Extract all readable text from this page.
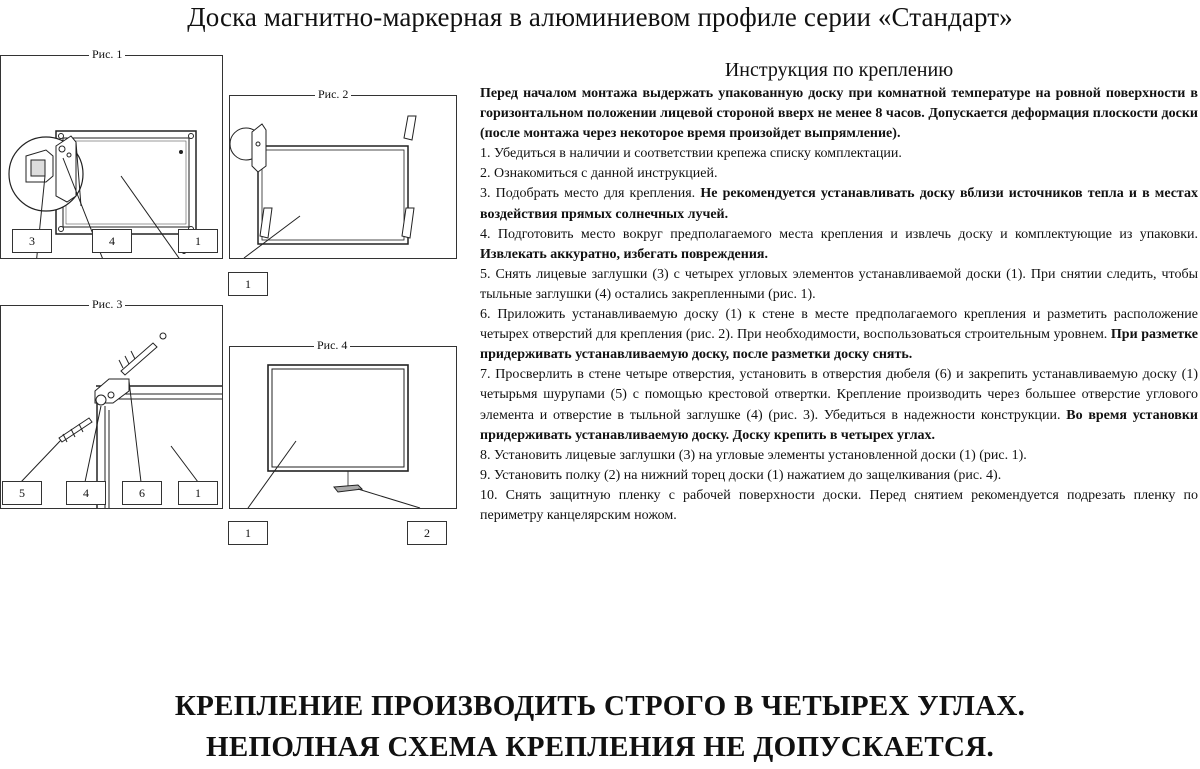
Доска магнитно-маркерная в алюминиевом профиле серии «Стандарт»
Рис. 1
3	4	1
Рис. 2
1
Рис. 3
5	4	6	1
Рис. 4
1	2
Инструкция по креплению

Перед началом монтажа выдержать упакованную доску при комнатной температуре на ровной поверхности в горизонтальном положении лицевой стороной вверх не менее 8 часов. Допускается деформация плоскости доски (после монтажа через некоторое время произойдет выпрямление).

1. Убедиться в наличии и соответствии крепежа списку комплектации.

2. Ознакомиться с данной инструкцией.

3. Подобрать место для крепления. Не рекомендуется устанавливать доску вблизи источников тепла и в местах воздействия прямых солнечных лучей.

4. Подготовить место вокруг предполагаемого места крепления и извлечь доску и комплектующие из упаковки. Извлекать аккуратно, избегать повреждения.

5. Снять лицевые заглушки (3) с четырех угловых элементов устанавливаемой доски (1). При снятии следить, чтобы тыльные заглушки (4) остались закрепленными (рис. 1).

6. Приложить устанавливаемую доску (1) к стене в месте предполагаемого крепления и разметить расположение четырех отверстий для крепления (рис. 2). При необходимости, воспользоваться строительным уровнем. При разметке придерживать устанавливаемую доску, после разметки доску снять.

7. Просверлить в стене четыре отверстия, установить в отверстия дюбеля (6) и закрепить устанавливаемую доску (1) четырьмя шурупами (5) с помощью крестовой отвертки. Крепление производить через большее отверстие углового элемента и отверстие в тыльной заглушке (4) (рис. 3). Убедиться в надежности конструкции. Во время установки придерживать устанавливаемую доску. Доску крепить в четырех углах.

8. Установить лицевые заглушки (3) на угловые элементы установленной доски (1) (рис. 1).

9. Установить полку (2) на нижний торец доски (1) нажатием до защелкивания (рис. 4).

10. Снять защитную пленку с рабочей поверхности доски. Перед снятием рекомендуется подрезать пленку по периметру канцелярским ножом.

КРЕПЛЕНИЕ ПРОИЗВОДИТЬ СТРОГО В ЧЕТЫРЕХ УГЛАХ.
НЕПОЛНАЯ СХЕМА КРЕПЛЕНИЯ НЕ ДОПУСКАЕТСЯ.
